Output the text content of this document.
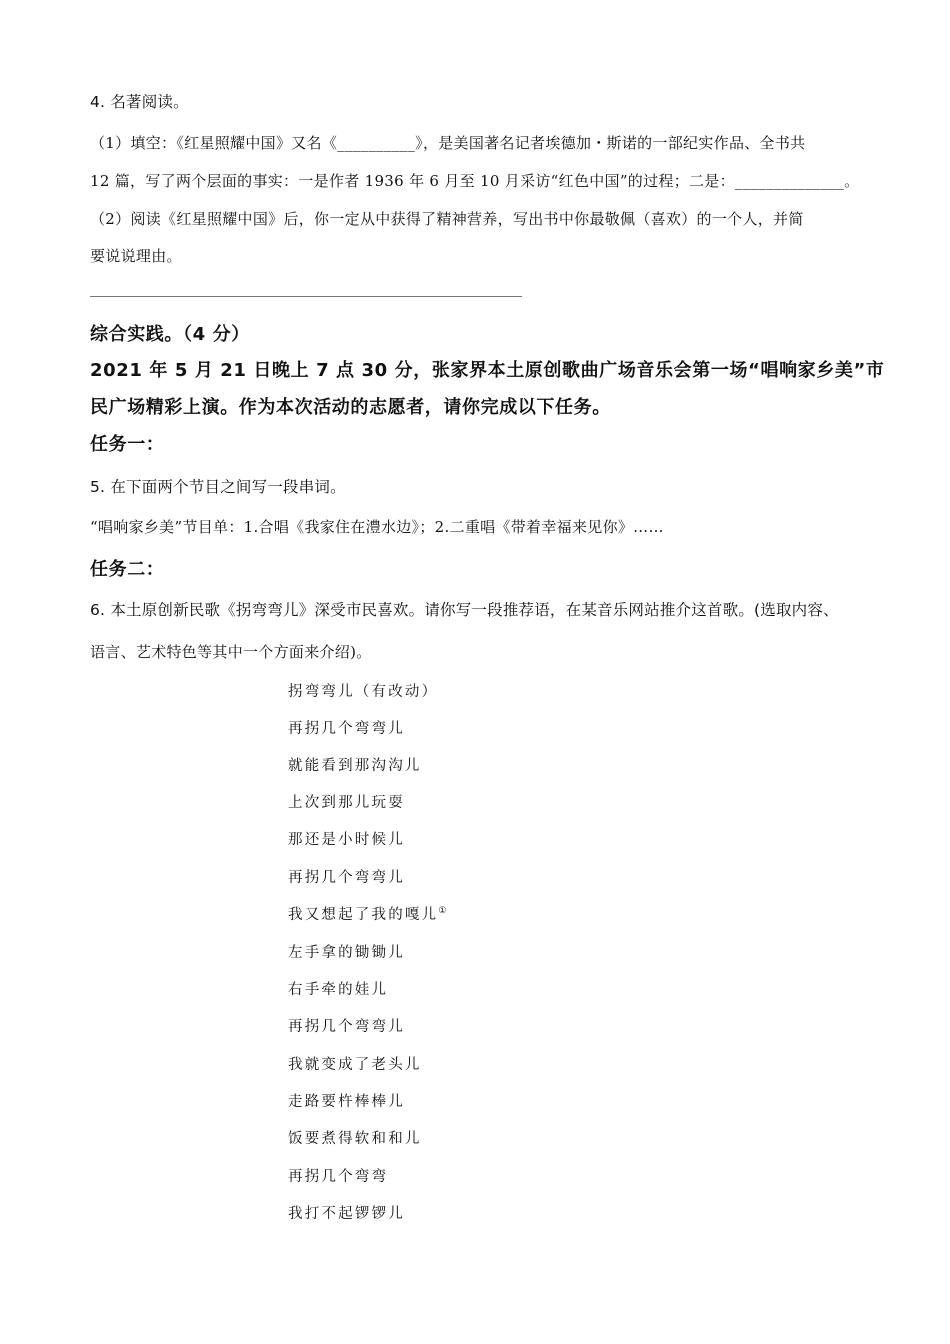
4. 名著阅读。
（1）填空：《红星照耀中国》又名《__________》，是美国著名记者埃德加・斯诺的一部纪实作品、全书共
12 篇，写了两个层面的事实：一是作者 1936 年 6 月至 10 月采访“红色中国”的过程；二是：______________。
（2）阅读《红星照耀中国》后，你一定从中获得了精神营养，写出书中你最敬佩（喜欢）的一个人，并简
要说说理由。
综合实践。（4 分）
2021 年 5 月 21 日晚上 7 点 30 分，张家界本土原创歌曲广场音乐会第一场“唱响家乡美”市
民广场精彩上演。作为本次活动的志愿者，请你完成以下任务。
任务一：
5. 在下面两个节目之间写一段串词。
“唱响家乡美”节目单：1.合唱《我家住在澧水边》；2.二重唱《带着幸福来见你》……
任务二：
6. 本土原创新民歌《拐弯弯儿》深受市民喜欢。请你写一段推荐语，在某音乐网站推介这首歌。(选取内容、
语言、艺术特色等其中一个方面来介绍)。
拐弯弯儿（有改动）
再拐几个弯弯儿
就能看到那沟沟儿
上次到那儿玩耍
那还是小时候儿
再拐几个弯弯儿
我又想起了我的嘎儿①
左手拿的锄锄儿
右手牵的娃儿
再拐几个弯弯儿
我就变成了老头儿
走路要杵棒棒儿
饭要煮得软和和儿
再拐几个弯弯
我打不起锣锣儿
